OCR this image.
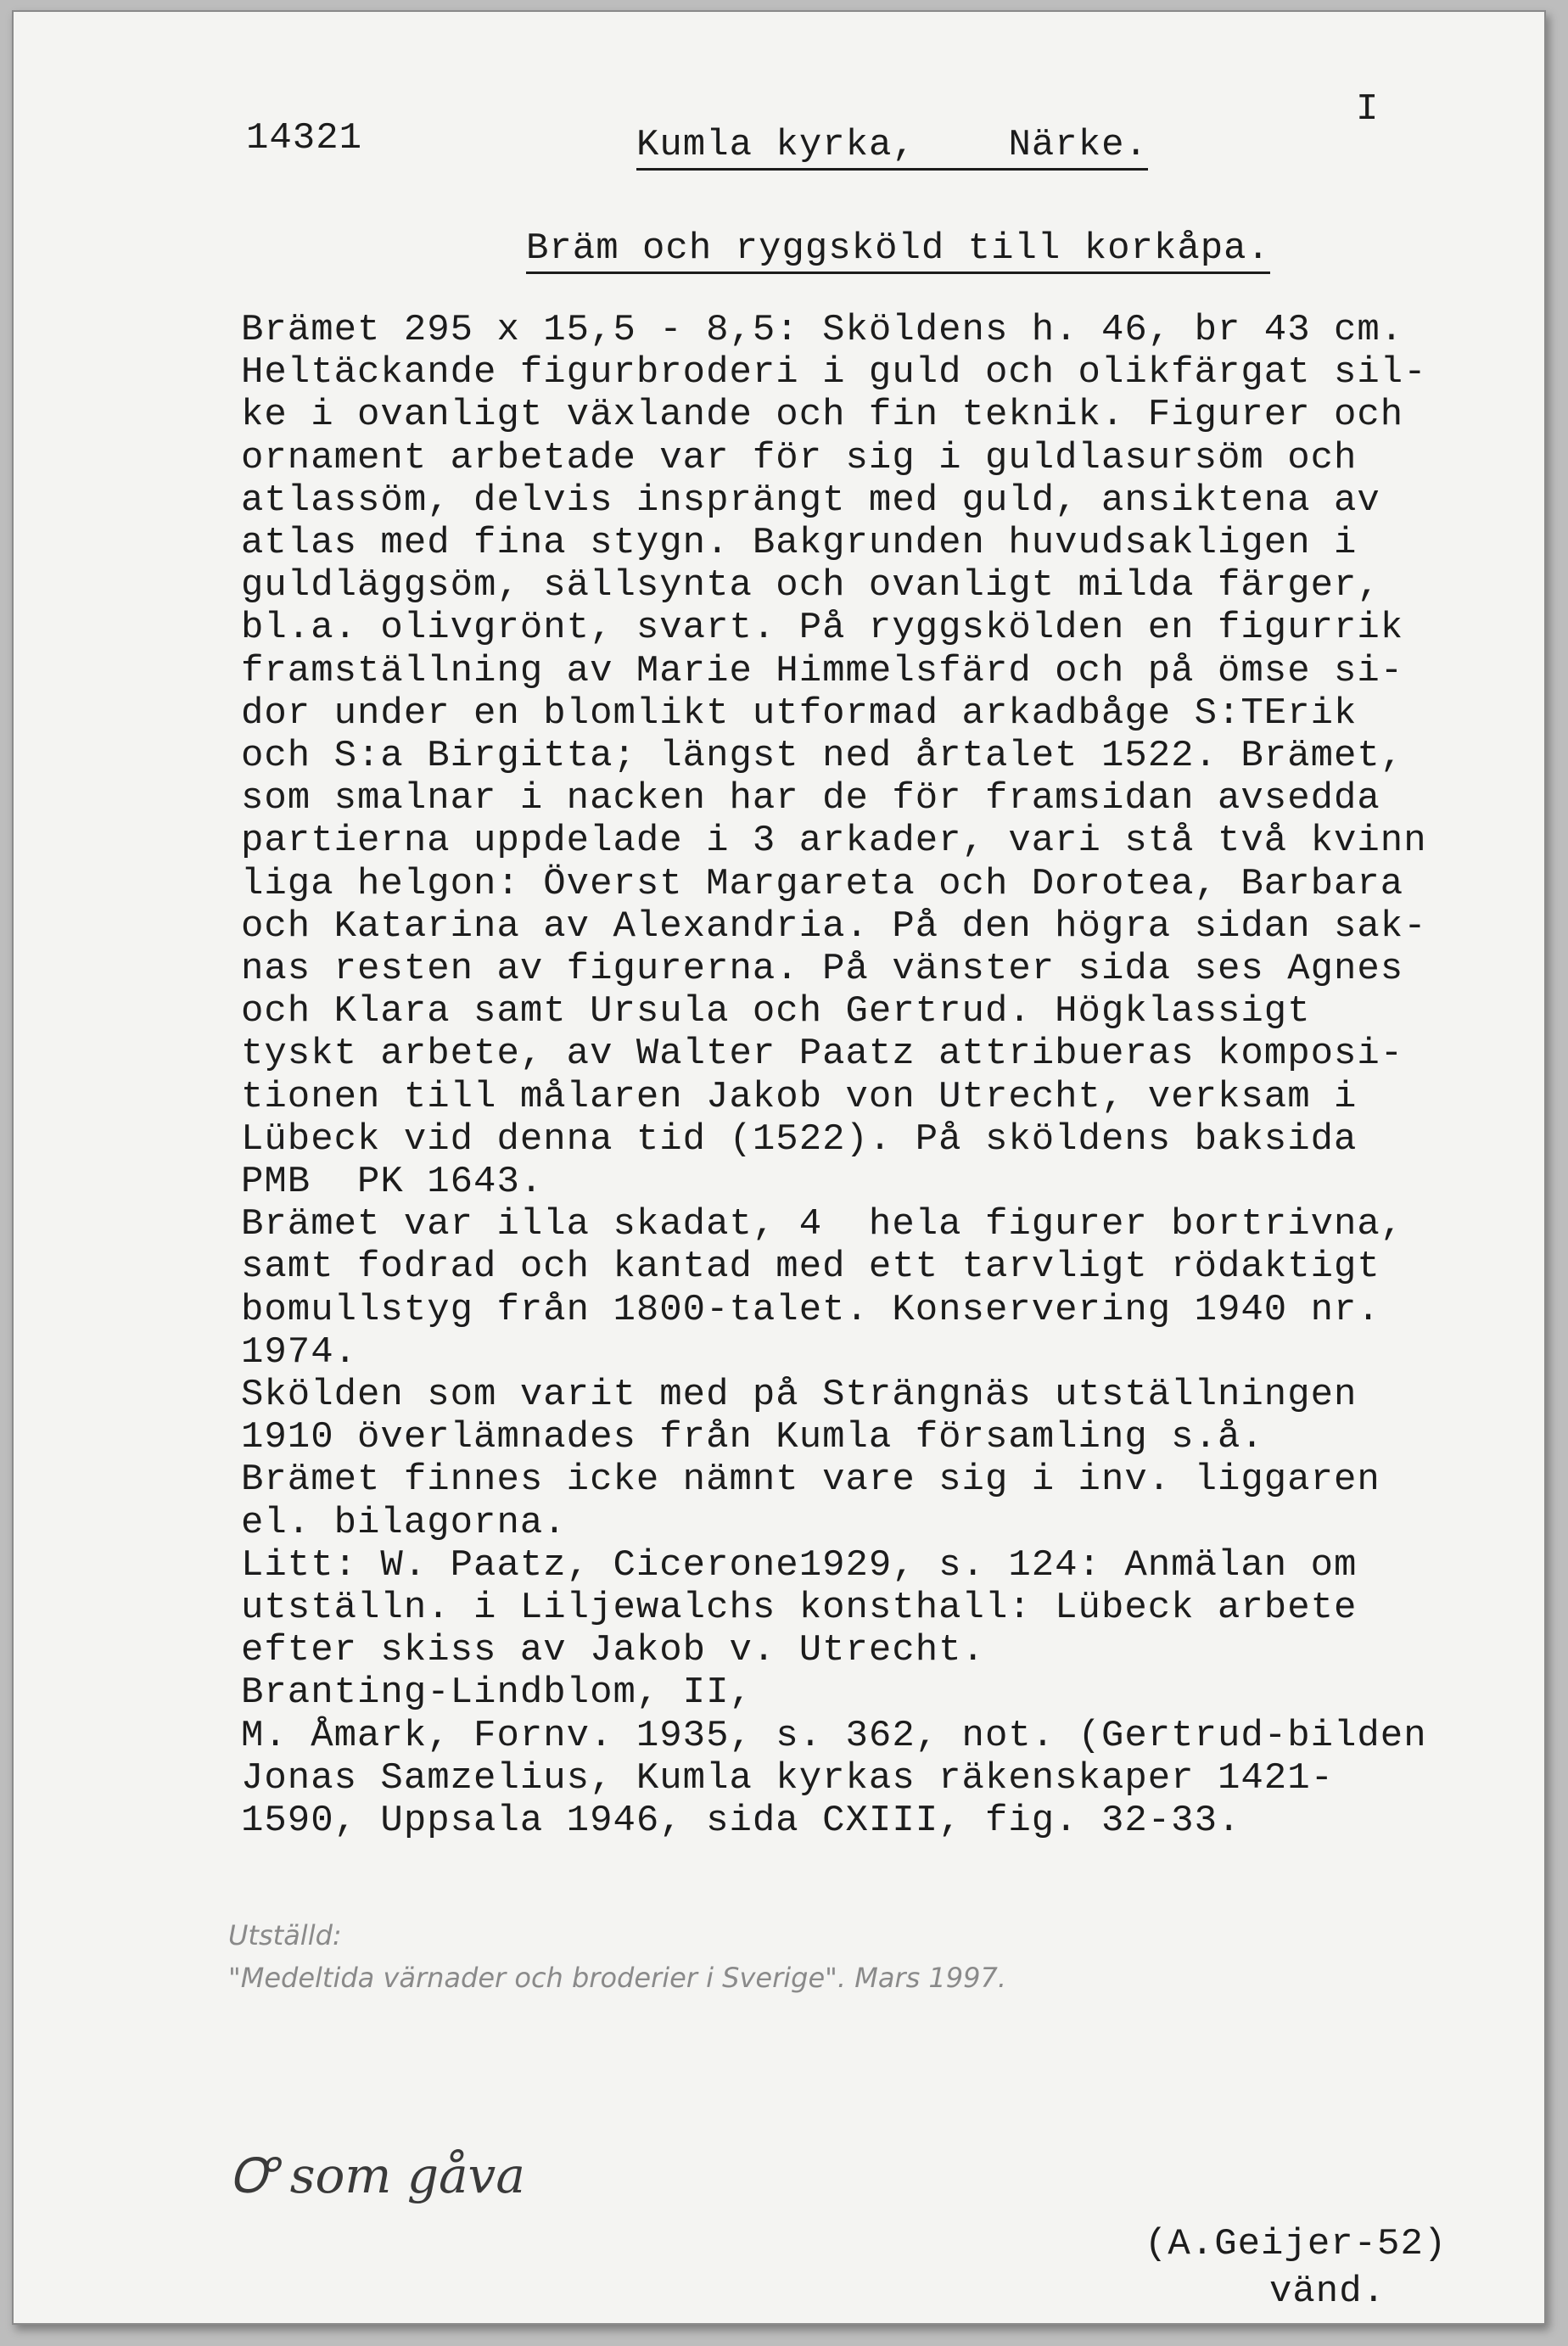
14321	Kumla kyrka, Närke.
I
Bräm och ryggsköld till korkåpa.
Brämet 295 x 15,5 - 8,5: Sköldens h. 46, br 43 cm.
Heltäckande figurbroderi i guld och olikfärgat sil-
ke i ovanligt växlande och fin teknik. Figurer och
ornament arbetade var för sig i guldlasursöm och
atlassöm, delvis insprängt med guld, ansiktena av
atlas med fina stygn. Bakgrunden huvudsakligen i
guldläggsöm, sällsynta och ovanligt milda färger,
bl.a. olivgrönt, svart. På ryggskölden en figurrik
framställning av Marie Himmelsfärd och på ömse si-
dor under en blomlikt utformad arkadbåge S:TErik
och S:a Birgitta; längst ned årtalet 1522. Brämet,
som smalnar i nacken har de för framsidan avsedda
partierna uppdelade i 3 arkader, vari stå två kvinn
liga helgon: Överst Margareta och Dorotea, Barbara
och Katarina av Alexandria. På den högra sidan sak-
nas resten av figurerna. På vänster sida ses Agnes
och Klara samt Ursula och Gertrud. Högklassigt
tyskt arbete, av Walter Paatz attribueras komposi-
tionen till målaren Jakob von Utrecht, verksam i
Lübeck vid denna tid (1522). På sköldens baksida
PMB  PK 1643.
Brämet var illa skadat, 4  hela figurer bortrivna,
samt fodrad och kantad med ett tarvligt rödaktigt
bomullstyg från 1800-talet. Konservering 1940 nr.
1974.
Skölden som varit med på Strängnäs utställningen
1910 överlämnades från Kumla församling s.å.
Brämet finnes icke nämnt vare sig i inv. liggaren
el. bilagorna.
Litt: W. Paatz, Cicerone1929, s. 124: Anmälan om
utställn. i Liljewalchs konsthall: Lübeck arbete
efter skiss av Jakob v. Utrecht.
Branting-Lindblom, II,
M. Åmark, Fornv. 1935, s. 362, not. (Gertrud-bilden
Jonas Samzelius, Kumla kyrkas räkenskaper 1421-
1590, Uppsala 1946, sida CXIII, fig. 32-33.
Utställd:
"Medeltida värnader och broderier i Sverige". Mars 1997.
Ꝍ som gåva
(A.Geijer-52)
vänd.
